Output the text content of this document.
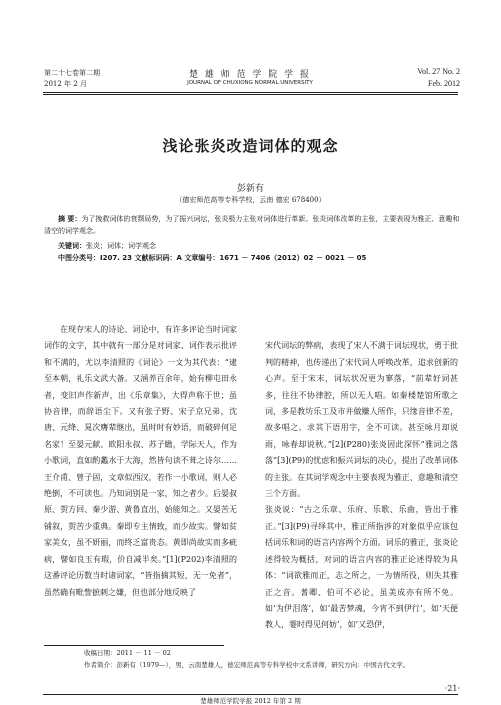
第二十七卷第二期
2012 年 2 月
楚 雄 师 范 学 院 学 报
JOURNAL OF CHUXIONG NORMAL UNIVERSITY
Vol. 27 No. 2
Feb. 2012
浅论张炎改造词体的观念
彭新有
（德宏师范高等专科学校，云南 德宏 678400）
摘 要：为了挽救词体的衰颓局势，为了振兴词坛，张炎极力主张对词体进行革新。张炎词体改革的主张，主要表现为雅正、意趣和清空的词学观念。
关键词：张炎；词体；词学观念
中图分类号：I207. 23 文献标识码：A 文章编号：1671 － 7406（2012）02 － 0021 － 05

在现存宋人的诗论、词论中，有许多评论当时词家词作的文字，其中就有一部分是对词家、词作表示批评和不满的，尤以李清照的《词论》一文为其代表：“逮至本朝，礼乐文武大备。又涵养百余年，始有柳屯田永者，变旧声作新声，出《乐章集》，大得声称于世；虽协音律，而辞语尘下。又有张子野、宋子京兄弟，沈唐、元绛、晁次膺辈继出，虽时时有妙语，而破碎何足名家！至晏元献、欧阳永叔、苏子瞻，学际天人，作为小歌词，直如酌蠡水于大海，然皆句读不葺之诗尔……王介甫、曾子固，文章似西汉，若作一小歌词，则人必绝倒，不可读也。乃知词别是一家，知之者少。后晏叔原、贺方回、秦少游、黄鲁直出，始能知之。又晏苦无铺叙，贺苦少重典。秦即专主情致，而少故实。譬如贫家美女，虽不妍丽，而终乏富贵态。黄即尚故实而多疵病，譬如良玉有瑕，价自减半矣。”[1](P202)李清照的这番评论历数当时诸词家，“皆指摘其短，无一免者”，虽然确有毗訾摭刺之嫌，但也部分地反映了

宋代词坛的弊病，表现了宋人不满于词坛现状，勇于批判的精神，也传递出了宋代词人呼唤改革，追求创新的心声。至于宋末，词坛状况更为寥落，“前辈好词甚多，往往不协律腔，所以无人唱。如秦楼楚馆所歌之词，多是教坊乐工及市井做赚人所作，只缘音律不差，故多唱之。求其下语用字，全不可读。甚至咏月却说雨，咏春却说秋。”[2](P280)张炎因此深怀“雅词之落落”[3](P9)的忧虑和振兴词坛的决心，提出了改革词体的主张。在其词学观念中主要表现为雅正、意趣和清空三个方面。
张炎说：“古之乐章、乐府、乐歌、乐曲，皆出于雅正。”[3](P9)寻绎其中，雅正所指涉的对象似乎应该包括词乐和词的语言内容两个方面。词乐的雅正，张炎论述得较为概括，对词的语言内容的雅正论述得较为具体：“词欲雅而正，志之所之，一为情所役，则失其雅正之音。耆卿、伯可不必论，虽美成亦有所不免。如‘为伊泪落’，如‘最苦梦魂，今宵不到伊行’，如‘天便教人，霎时得见何妨’，如‘又恐伊，

收稿日期：2011 － 11 － 02
作者简介：彭新有（1979—），男，云南楚雄人，德宏师范高等专科学校中文系讲师，研究方向：中国古代文学。
·21·
楚雄师范学院学报 2012 年第 2 期
